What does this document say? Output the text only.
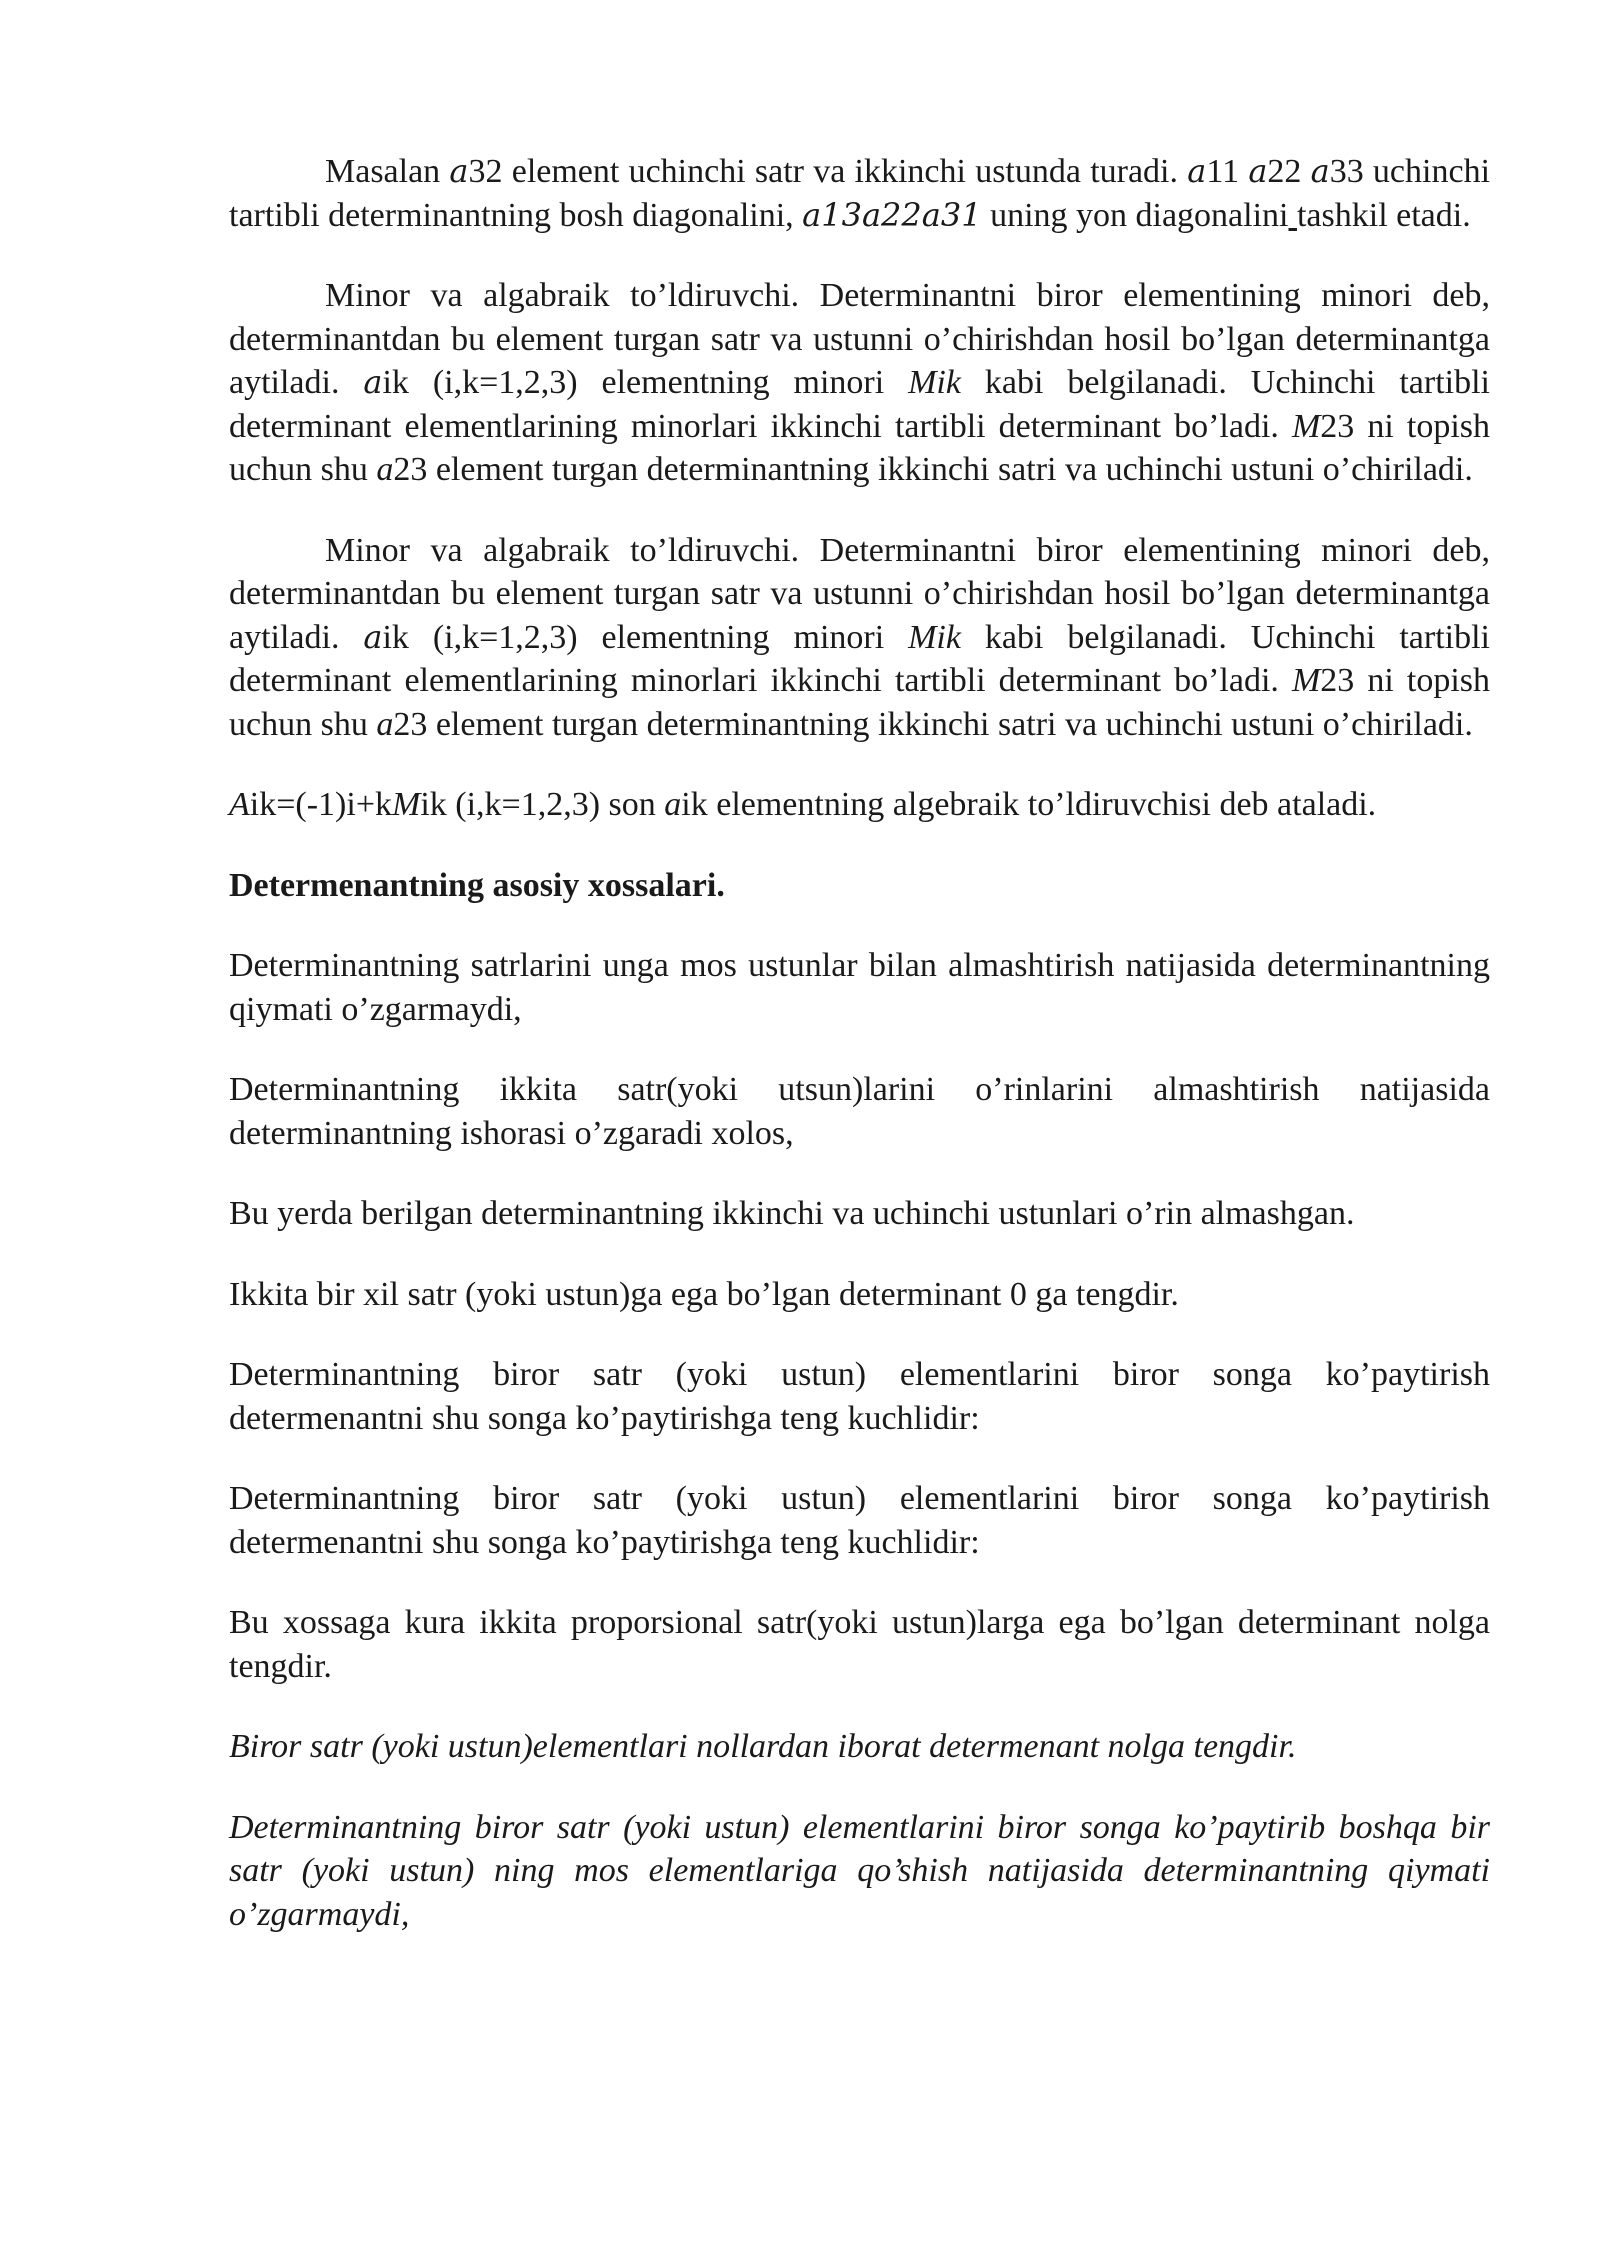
Masalan a32 element uchinchi satr va ikkinchi ustunda turadi. a11 a22 a33 uchinchi tartibli determinantning bosh diagonalini, a13a22a31 uning yon diagonalini tashkil etadi.

Minor va algabraik to’ldiruvchi. Determinantni biror elementining minori deb, determinantdan bu element turgan satr va ustunni o’chirishdan hosil bo’lgan determinantga aytiladi. aik (i,k=1,2,3) elementning minori Mik kabi belgilanadi. Uchinchi tartibli determinant elementlarining minorlari ikkinchi tartibli determinant bo’ladi. M23 ni topish uchun shu a23 element turgan determinantning ikkinchi satri va uchinchi ustuni o’chiriladi.

Minor va algabraik to’ldiruvchi. Determinantni biror elementining minori deb, determinantdan bu element turgan satr va ustunni o’chirishdan hosil bo’lgan determinantga aytiladi. aik (i,k=1,2,3) elementning minori Mik kabi belgilanadi. Uchinchi tartibli determinant elementlarining minorlari ikkinchi tartibli determinant bo’ladi. M23 ni topish uchun shu a23 element turgan determinantning ikkinchi satri va uchinchi ustuni o’chiriladi.

Aik=(-1)i+kMik (i,k=1,2,3) son aik elementning algebraik to’ldiruvchisi deb ataladi.

Determenantning asosiy xossalari.

Determinantning satrlarini unga mos ustunlar bilan almashtirish natijasida determinantning qiymati o’zgarmaydi,

Determinantning ikkita satr(yoki utsun)larini o’rinlarini almashtirish natijasida determinantning ishorasi o’zgaradi xolos,

Bu yerda berilgan determinantning ikkinchi va uchinchi ustunlari o’rin almashgan.

Ikkita bir xil satr (yoki ustun)ga ega bo’lgan determinant 0 ga tengdir.

Determinantning biror satr (yoki ustun) elementlarini biror songa ko’paytirish determenantni shu songa ko’paytirishga teng kuchlidir:

Determinantning biror satr (yoki ustun) elementlarini biror songa ko’paytirish determenantni shu songa ko’paytirishga teng kuchlidir:

Bu xossaga kura ikkita proporsional satr(yoki ustun)larga ega bo’lgan determinant nolga tengdir.

Biror satr (yoki ustun)elementlari nollardan iborat determenant nolga tengdir.

Determinantning biror satr (yoki ustun) elementlarini biror songa ko’paytirib boshqa bir satr (yoki ustun) ning mos elementlariga qo’shish natijasida determinantning qiymati o’zgarmaydi,
